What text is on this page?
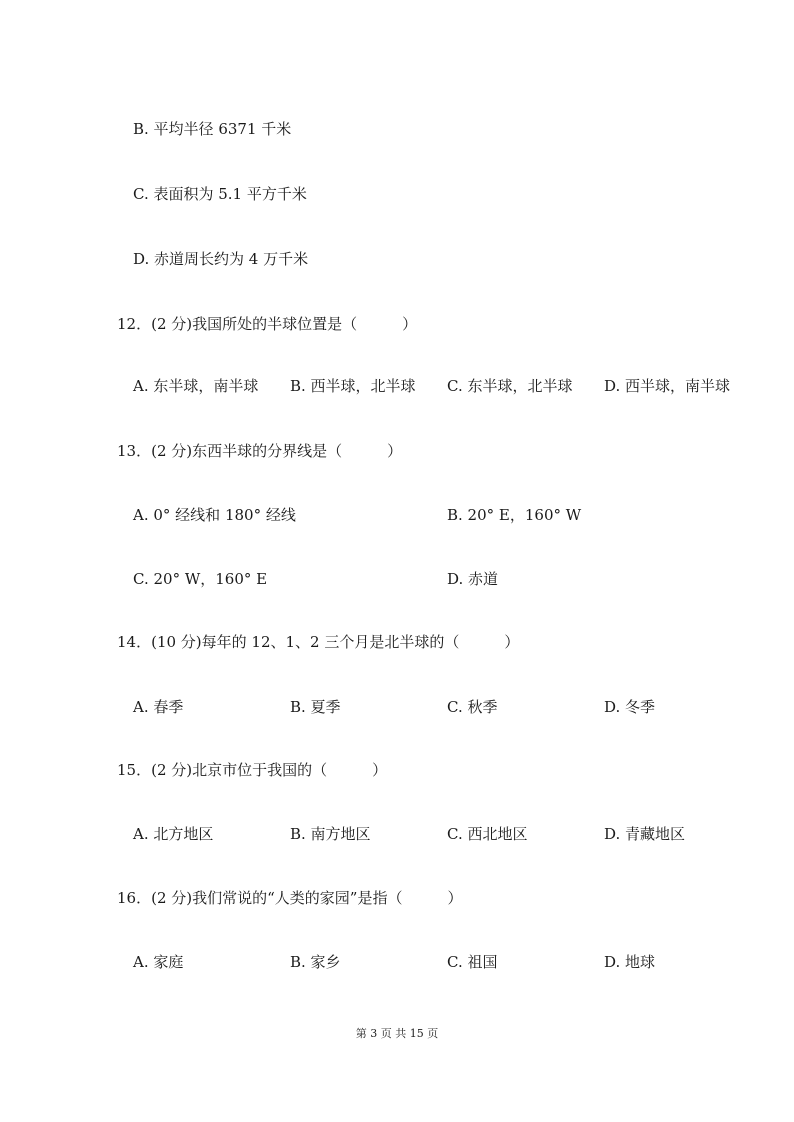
B. 平均半径 6371 千米
C. 表面积为 5.1 平方千米
D. 赤道周长约为 4 万千米
12．(2 分)我国所处的半球位置是（　　　）
A. 东半球，南半球 B. 西半球，北半球 C. 东半球，北半球 D. 西半球，南半球
13．(2 分)东西半球的分界线是（　　　）
A. 0° 经线和 180° 经线	B. 20° E，160° W
C. 20° W，160° E	D. 赤道
14．(10 分)每年的 12、1、2 三个月是北半球的（　　　）
A. 春季	B. 夏季	C. 秋季	D. 冬季
15．(2 分)北京市位于我国的（　　　）
A. 北方地区	B. 南方地区	C. 西北地区	D. 青藏地区
16．(2 分)我们常说的“人类的家园”是指（　　　）
A. 家庭	B. 家乡	C. 祖国	D. 地球
第 3 页 共 15 页
